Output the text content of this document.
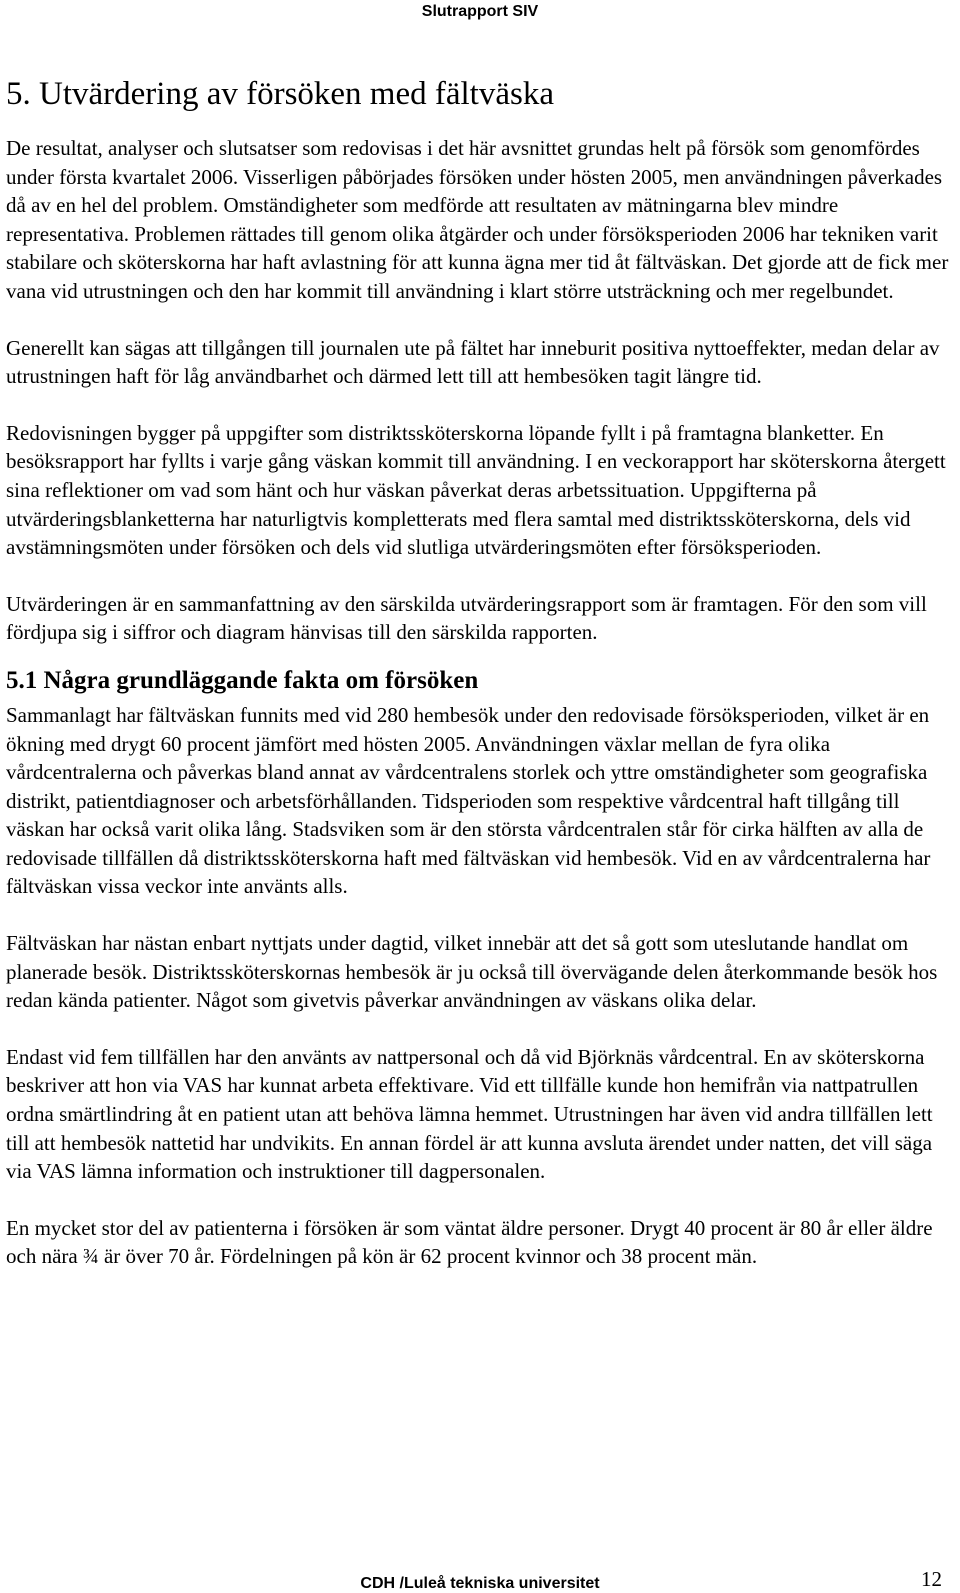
Slutrapport SIV
5. Utvärdering av försöken med fältväska

De resultat, analyser och slutsatser som redovisas i det här avsnittet grundas helt på försök som genomfördes under första kvartalet 2006. Visserligen påbörjades försöken under hösten 2005, men användningen påverkades då av en hel del problem. Omständigheter som medförde att resultaten av mätningarna blev mindre representativa. Problemen rättades till genom olika åtgärder och under försöksperioden 2006 har tekniken varit stabilare och sköterskorna har haft avlastning för att kunna ägna mer tid åt fältväskan. Det gjorde att de fick mer vana vid utrustningen och den har kommit till användning i klart större utsträckning och mer regelbundet.

Generellt kan sägas att tillgången till journalen ute på fältet har inneburit positiva nyttoeffekter, medan delar av utrustningen haft för låg användbarhet och därmed lett till att hembesöken tagit längre tid.

Redovisningen bygger på uppgifter som distriktssköterskorna löpande fyllt i på framtagna blanketter. En besöksrapport har fyllts i varje gång väskan kommit till användning. I en veckorapport har sköterskorna återgett sina reflektioner om vad som hänt och hur väskan påverkat deras arbetssituation. Uppgifterna på utvärderingsblanketterna har naturligtvis kompletterats med flera samtal med distriktssköterskorna, dels vid avstämningsmöten under försöken och dels vid slutliga utvärderingsmöten efter försöksperioden.

Utvärderingen är en sammanfattning av den särskilda utvärderingsrapport som är framtagen. För den som vill fördjupa sig i siffror och diagram hänvisas till den särskilda rapporten.

5.1 Några grundläggande fakta om försöken

Sammanlagt har fältväskan funnits med vid 280 hembesök under den redovisade försöksperioden, vilket är en ökning med drygt 60 procent jämfört med hösten 2005. Användningen växlar mellan de fyra olika vårdcentralerna och påverkas bland annat av vårdcentralens storlek och yttre omständigheter som geografiska distrikt, patientdiagnoser och arbetsförhållanden. Tidsperioden som respektive vårdcentral haft tillgång till väskan har också varit olika lång. Stadsviken som är den största vårdcentralen står för cirka hälften av alla de redovisade tillfällen då distriktssköterskorna haft med fältväskan vid hembesök. Vid en av vårdcentralerna har fältväskan vissa veckor inte använts alls.

Fältväskan har nästan enbart nyttjats under dagtid, vilket innebär att det så gott som uteslutande handlat om planerade besök. Distriktssköterskornas hembesök är ju också till övervägande delen återkommande besök hos redan kända patienter. Något som givetvis påverkar användningen av väskans olika delar.

Endast vid fem tillfällen har den använts av nattpersonal och då vid Björknäs vårdcentral. En av sköterskorna beskriver att hon via VAS har kunnat arbeta effektivare. Vid ett tillfälle kunde hon hemifrån via nattpatrullen ordna smärtlindring åt en patient utan att behöva lämna hemmet. Utrustningen har även vid andra tillfällen lett till att hembesök nattetid har undvikits. En annan fördel är att kunna avsluta ärendet under natten, det vill säga via VAS lämna information och instruktioner till dagpersonalen.

En mycket stor del av patienterna i försöken är som väntat äldre personer. Drygt 40 procent är 80 år eller äldre och nära ¾ är över 70 år. Fördelningen på kön är 62 procent kvinnor och 38 procent män.

CDH /Luleå tekniska universitet	12
